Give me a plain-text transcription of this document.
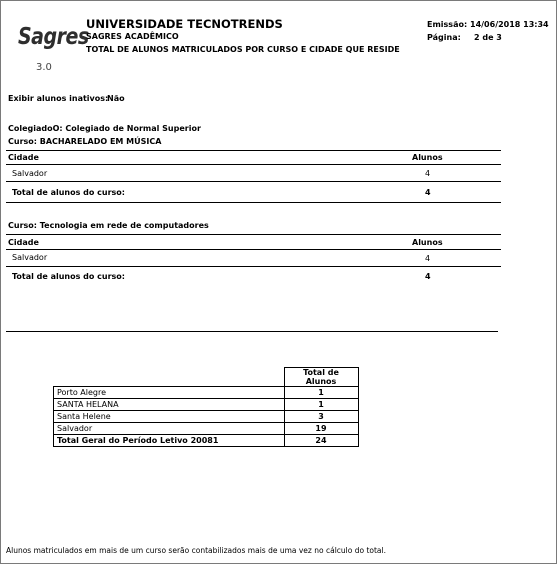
Sagres
3.0
UNIVERSIDADE TECNOTRENDS
SAGRES ACADÊMICO
TOTAL DE ALUNOS MATRICULADOS POR CURSO E CIDADE QUE RESIDE
Emissão: 14/06/2018 13:34
Página: 2 de 3
Exibir alunos inativos:
Não
ColegiadoO: Colegiado de Normal Superior
Curso: BACHARELADO EM MÚSICA
Cidade	Alunos
Salvador	4
Total de alunos do curso:	4
Curso: Tecnologia em rede de computadores
Cidade	Alunos
Salvador	4
Total de alunos do curso:	4
	Total de Alunos
Porto Alegre	1
SANTA HELANA	1
Santa Helene	3
Salvador	19
Total Geral do Período Letivo 20081	24
Alunos matriculados em mais de um curso serão contabilizados mais de uma vez no cálculo do total.
